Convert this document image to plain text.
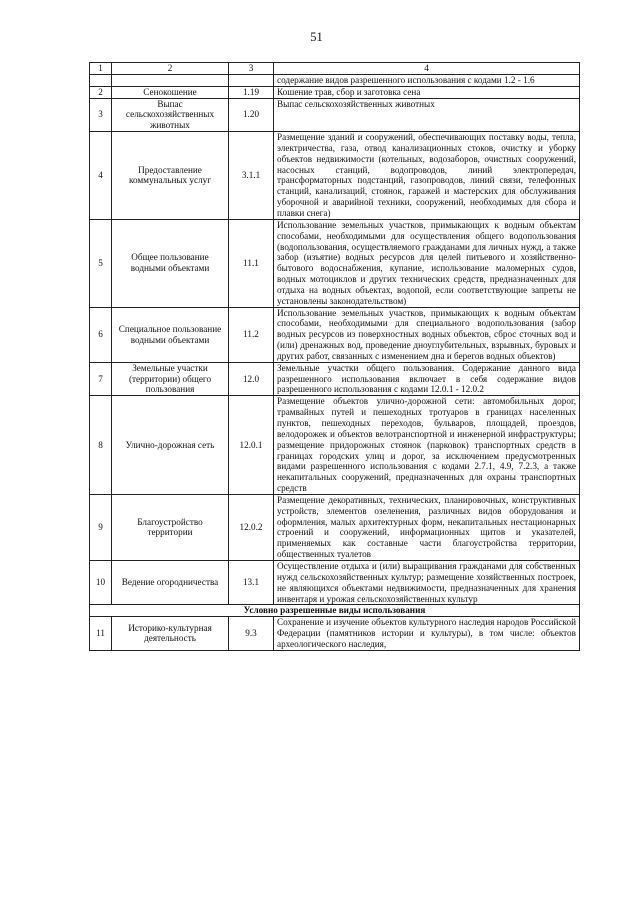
51
1	2	3	4
			содержание видов разрешенного использования с кодами 1.2 - 1.6
2	Сенокошение	1.19	Кошение трав, сбор и заготовка сена
3	Выпас сельскохозяйственных животных	1.20	Выпас сельскохозяйственных животных
4	Предоставление коммунальных услуг	3.1.1	Размещение зданий и сооружений, обеспечивающих поставку воды, тепла, электричества, газа, отвод канализационных стоков, очистку и уборку объектов недвижимости (котельных, водозаборов, очистных сооружений, насосных станций, водопроводов, линий электропередач, трансформаторных подстанций, газопроводов, линий связи, телефонных станций, канализаций, стоянок, гаражей и мастерских для обслуживания уборочной и аварийной техники, сооружений, необходимых для сбора и плавки снега)
5	Общее пользование водными объектами	11.1	Использование земельных участков, примыкающих к водным объектам способами, необходимыми для осуществления общего водопользования (водопользования, осуществляемого гражданами для личных нужд, а также забор (изъятие) водных ресурсов для целей питьевого и хозяйственно-бытового водоснабжения, купание, использование маломерных судов, водных мотоциклов и других технических средств, предназначенных для отдыха на водных объектах, водопой, если соответствующие запреты не установлены законодательством)
6	Специальное пользование водными объектами	11.2	Использование земельных участков, примыкающих к водным объектам способами, необходимыми для специального водопользования (забор водных ресурсов из поверхностных водных объектов, сброс сточных вод и (или) дренажных вод, проведение дноуглубительных, взрывных, буровых и других работ, связанных с изменением дна и берегов водных объектов)
7	Земельные участки (территории) общего пользования	12.0	Земельные участки общего пользования. Содержание данного вида разрешенного использования включает в себя содержание видов разрешенного использования с кодами 12.0.1 - 12.0.2
8	Улично-дорожная сеть	12.0.1	Размещение объектов улично-дорожной сети: автомобильных дорог, трамвайных путей и пешеходных тротуаров в границах населенных пунктов, пешеходных переходов, бульваров, площадей, проездов, велодорожек и объектов велотранспортной и инженерной инфраструктуры; размещение придорожных стоянок (парковок) транспортных средств в границах городских улиц и дорог, за исключением предусмотренных видами разрешенного использования с кодами 2.7.1, 4.9, 7.2.3, а также некапитальных сооружений, предназначенных для охраны транспортных средств
9	Благоустройство территории	12.0.2	Размещение декоративных, технических, планировочных, конструктивных устройств, элементов озеленения, различных видов оборудования и оформления, малых архитектурных форм, некапитальных нестационарных строений и сооружений, информационных щитов и указателей, применяемых как составные части благоустройства территории, общественных туалетов
10	Ведение огородничества	13.1	Осуществление отдыха и (или) выращивания гражданами для собственных нужд сельскохозяйственных культур; размещение хозяйственных построек, не являющихся объектами недвижимости, предназначенных для хранения инвентаря и урожая сельскохозяйственных культур
Условно разрешенные виды использования			
11	Историко-культурная деятельность	9.3	Сохранение и изучение объектов культурного наследия народов Российской Федерации (памятников истории и культуры), в том числе: объектов археологического наследия,
